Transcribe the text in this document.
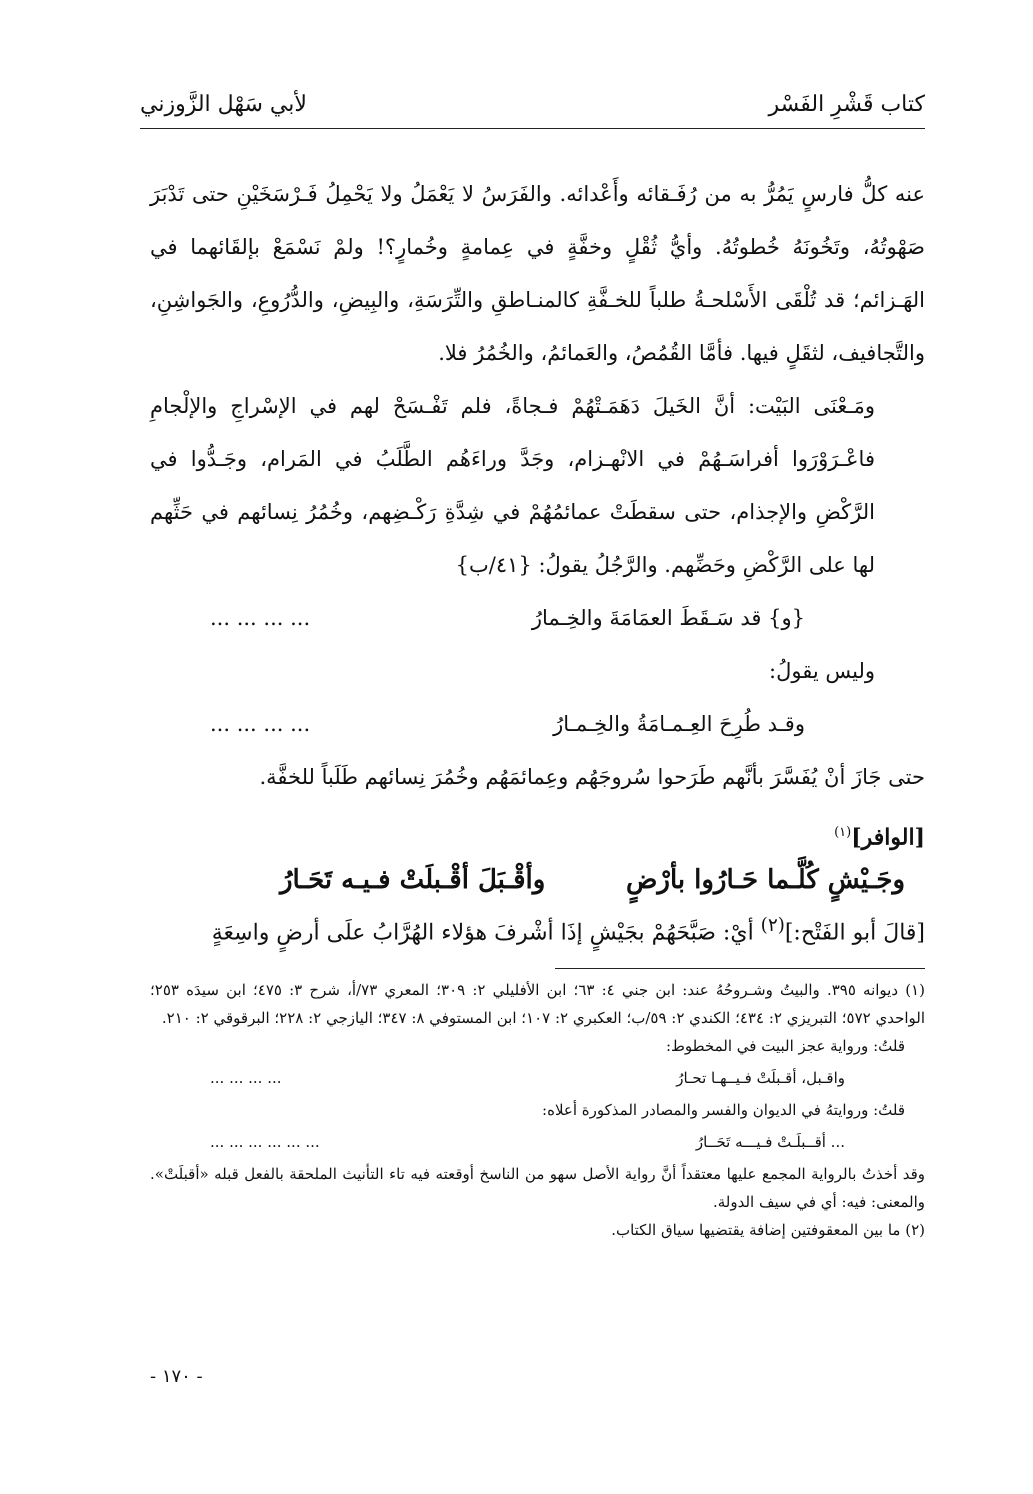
كتاب قَشْرِ الفَسْر
لأبي سَهْل الزَّوزني

عنه كلُّ فارسٍ يَمُرُّ به من رُفَـقائه وأَعْدائه. والفَرَسُ لا يَعْمَلُ ولا يَحْمِلُ فَـرْسَخَيْنِ حتى تَدْبَرَ صَهْوتُهُ، وتَخُونَهُ خُطوتُهُ. وأيُّ ثُقْلٍ وخفَّةٍ في عِمامةٍ وخُمارٍ؟! ولمْ نَسْمَعْ بإلقَائهما في الهَـزائم؛ قد تُلْقَى الأَسْلحـةُ طلباً للخـفَّةِ كالمنـاطقِ والتِّرَسَةِ، والبِيضِ، والدُّرُوعِ، والجَواشِنِ، والتَّجافيف، لثقَلٍ فيها. فأمَّا القُمُصُ، والعَمائمُ، والخُمُرُ فلا.

ومَـعْنَى البَيْت: أنَّ الخَيلَ دَهَمَـتْهُمْ فـجاةً، فلم تَفْـسَحْ لهم في الإسْراجِ والإلْجامِ فاعْـرَوْرَوا أفراسَـهُمْ في الانْهـزام، وجَدَّ وراءَهُم الطَّلَبُ في المَرام، وجَـدُّوا في الرَّكْضِ والإجذام، حتى سقطَتْ عمائمُهُمْ في شِدَّةِ رَكْـضِهم، وخُمُرُ نِسائهم في حَثِّهم لها على الرَّكْضِ وحَضِّهم. والرَّجُلُ يقولُ: {٤١/ب}

{و} قد سَـقَطَ العمَامَةَ والخِـمارُ
... ... ... ...

وليس يقولُ:

وقـد طُرِحَ العِـمـامَةُ والخِـمـارُ
... ... ... ...

حتى جَازَ أنْ يُفَسَّرَ بأنَّهم طَرَحوا سُروجَهُم وعِمائمَهُم وخُمُرَ نِسائهم طَلَباً للخفَّة.

[الوافر]$^{(١)}$
وجَـيْشٍ كُلَّـما حَـارُوا بأرْضٍ
وأقْـبَلَ أقْـبلَتْ فـيـه تَحَـارُ
[قالَ أبو الفَتْح:]$^{(٢)}$ أيْ: صَبَّحَهُمْ بجَيْشٍ إذَا أشْرفَ هؤلاء الهُرَّابُ علَى أرضٍ واسِعَةٍ

(١) ديوانه ٣٩٥. والبيتُ وشـروحُهُ عند: ابن جني ٤: ٦٣؛ ابن الأفليلي ٢: ٣٠٩؛ المعري ٧٣/أ، شرح ٣: ٤٧٥؛ ابن سيدَه ٢٥٣؛ الواحدي ٥٧٢؛ التبريزي ٢: ٤٣٤؛ الكندي ٢: ٥٩/ب؛ العكبري ٢: ١٠٧؛ ابن المستوفي ٨: ٣٤٧؛ اليازجي ٢: ٢٢٨؛ البرقوقي ٢: ٢١٠.

قلتُ: ورواية عجز البيت في المخطوط:

واقـبل، أقـبلَتْ فـيــهـا تحـارُ
... ... ... ...

قلتُ: وروايتهُ في الديوان والفسر والمصادر المذكورة أعلاه:

... أقــبلَـتْ فـيـــه تَحَــارُ
... ... ... ... ... ...

وقد أخذتُ بالرواية المجمع عليها معتقداً أنَّ رواية الأصل سهو من الناسخ أوقعته فيه تاء التأنيث الملحقة بالفعل قبله «أقبلَتْ». والمعنى: فيه: أي في سيف الدولة.

(٢) ما بين المعقوفتين إضافة يقتضيها سياق الكتاب.

- ١٧٠ -
